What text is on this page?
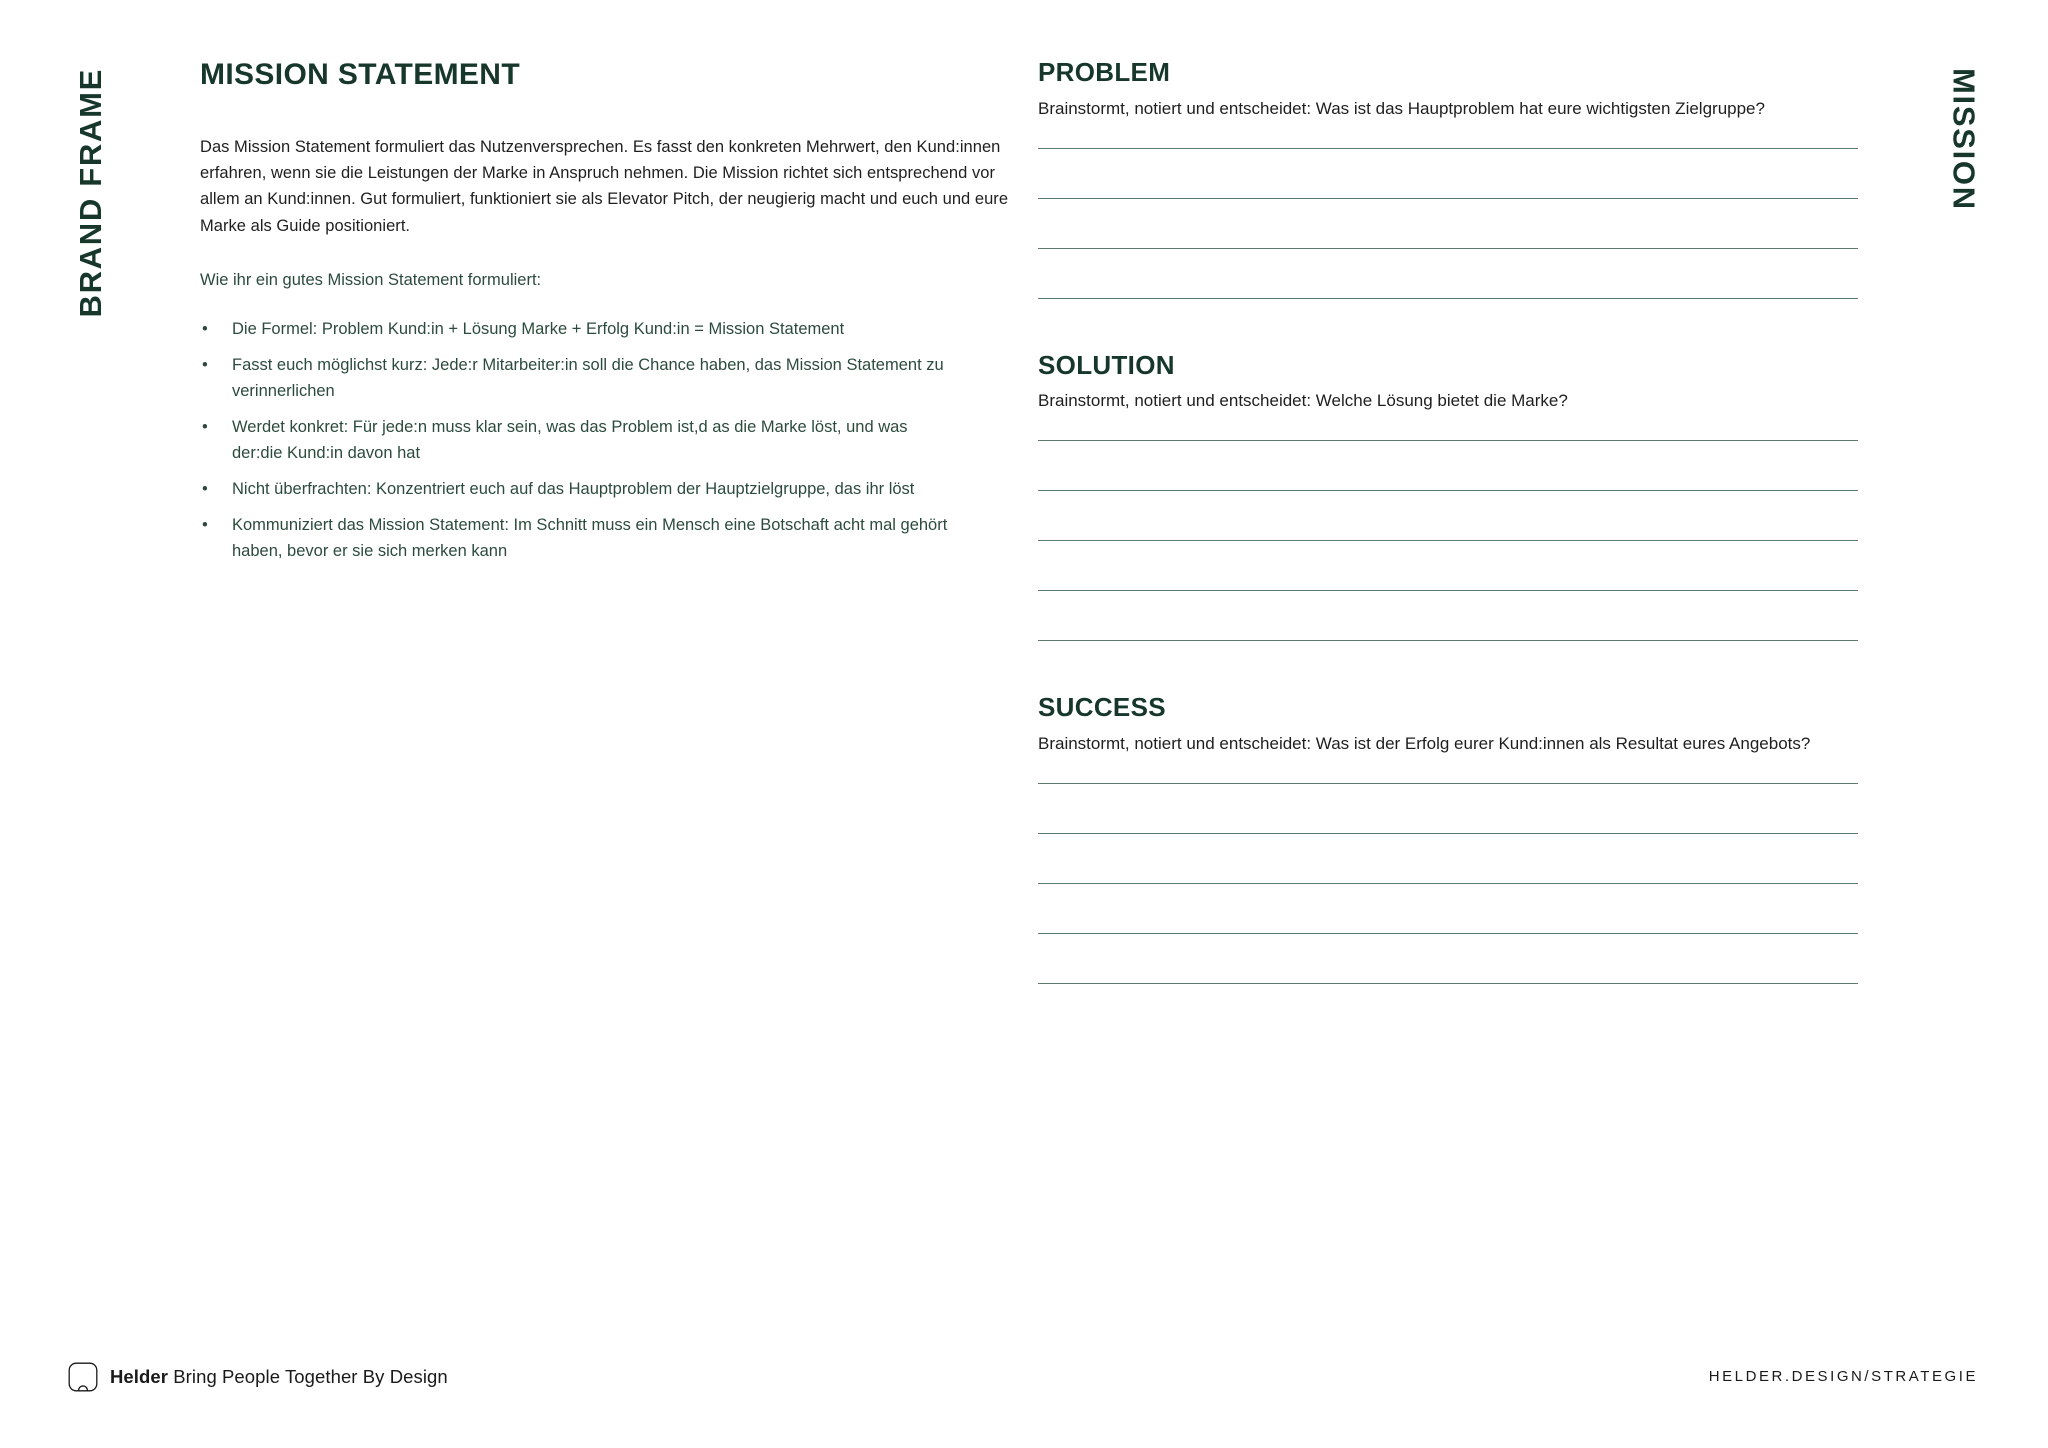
BRAND FRAME	MISSION
MISSION STATEMENT

Das Mission Statement formuliert das Nutzenversprechen. Es fasst den konkreten Mehrwert, den Kund:innen erfahren, wenn sie die Leistungen der Marke in Anspruch nehmen. Die Mission richtet sich entsprechend vor allem an Kund:innen. Gut formuliert, funktioniert sie als Elevator Pitch, der neugierig macht und euch und eure Marke als Guide positioniert.

Wie ihr ein gutes Mission Statement formuliert:

• Die Formel: Problem Kund:in + Lösung Marke + Erfolg Kund:in = Mission Statement
• Fasst euch möglichst kurz: Jede:r Mitarbeiter:in soll die Chance haben, das Mission Statement zu verinnerlichen
• Werdet konkret: Für jede:n muss klar sein, was das Problem ist,d as die Marke löst, und was der:die Kund:in davon hat
• Nicht überfrachten: Konzentriert euch auf das Hauptproblem der Hauptzielgruppe, das ihr löst
• Kommuniziert das Mission Statement: Im Schnitt muss ein Mensch eine Botschaft acht mal gehört haben, bevor er sie sich merken kann
PROBLEM

Brainstormt, notiert und entscheidet: Was ist das Hauptproblem hat eure wichtigsten Zielgruppe?

SOLUTION

Brainstormt, notiert und entscheidet: Welche Lösung bietet die Marke?

SUCCESS

Brainstormt, notiert und entscheidet: Was ist der Erfolg eurer Kund:innen als Resultat eures Angebots?

Helder Bring People Together By Design	HELDER.DESIGN/STRATEGIE
